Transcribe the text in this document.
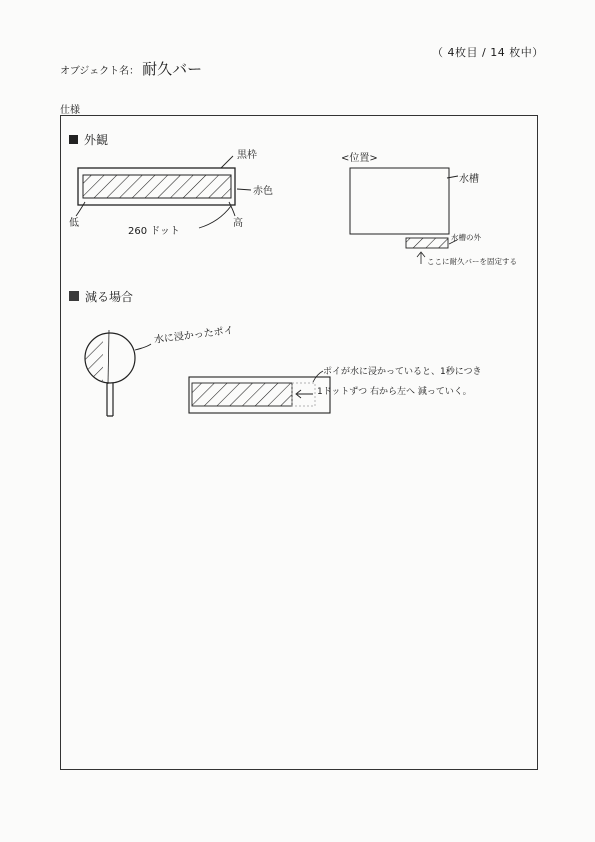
（ 4枚目 / 14 枚中）
オブジェクト名： 耐久バー
仕様
外観
黒枠
赤色
低	高
260 ドット
<位置>
水槽
水槽の外
ここに耐久バーを固定する
減る場合
水に浸かったポイ
ポイが水に浸かっていると、1秒につき
1ドットずつ 右から左へ 減っていく。
